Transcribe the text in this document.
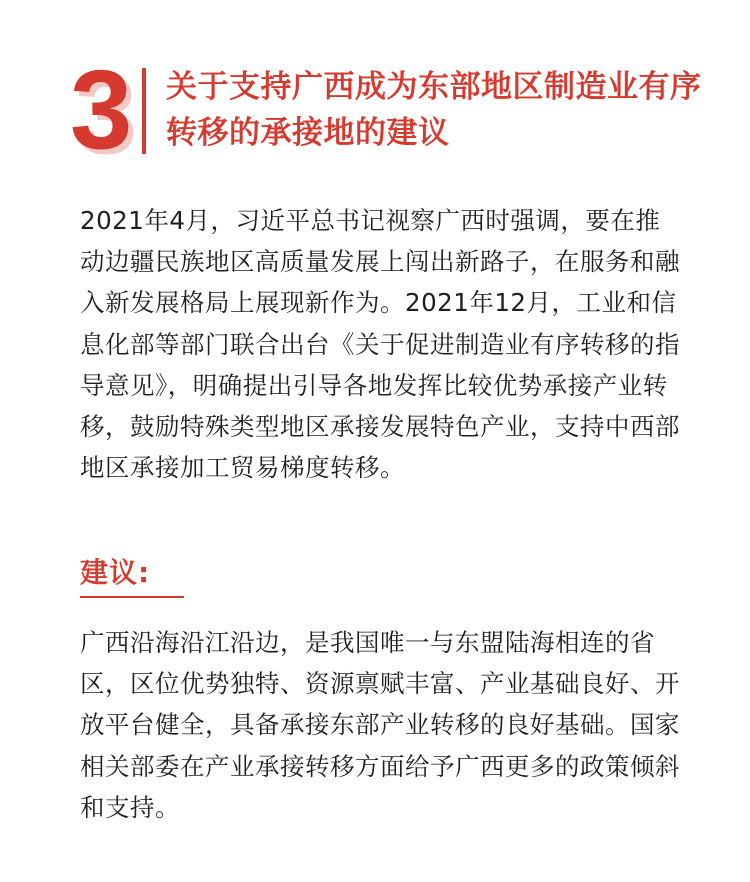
3 关于支持广西成为东部地区制造业有序转移的承接地的建议

2021年4月，习近平总书记视察广西时强调，要在推动边疆民族地区高质量发展上闯出新路子，在服务和融入新发展格局上展现新作为。2021年12月，工业和信息化部等部门联合出台《关于促进制造业有序转移的指导意见》，明确提出引导各地发挥比较优势承接产业转移，鼓励特殊类型地区承接发展特色产业，支持中西部地区承接加工贸易梯度转移。

建议:

广西沿海沿江沿边，是我国唯一与东盟陆海相连的省区，区位优势独特、资源禀赋丰富、产业基础良好、开放平台健全，具备承接东部产业转移的良好基础。国家相关部委在产业承接转移方面给予广西更多的政策倾斜和支持。
